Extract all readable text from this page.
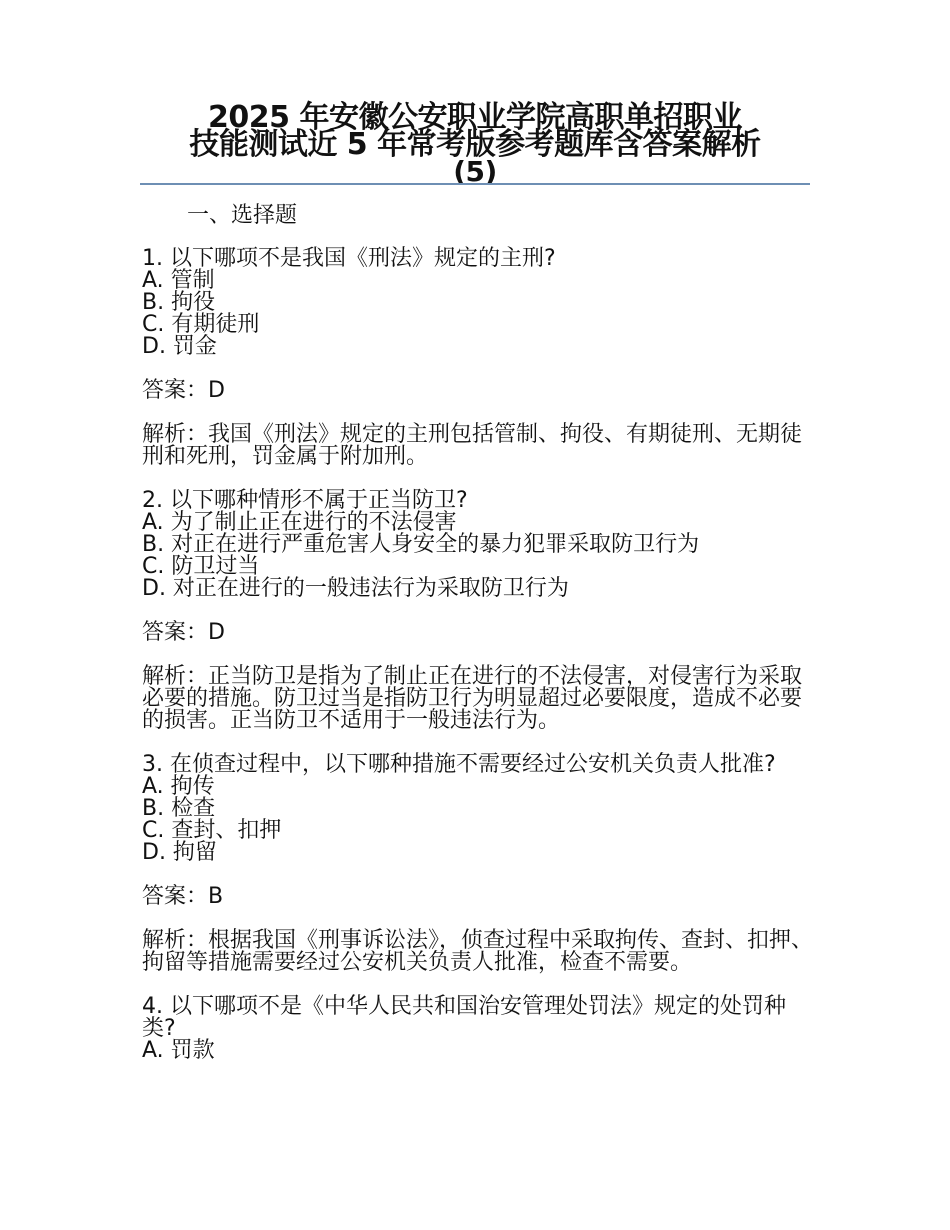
2025 年安徽公安职业学院高职单招职业
技能测试近 5 年常考版参考题库含答案解析
(5)
一、选择题
1. 以下哪项不是我国《刑法》规定的主刑?
A. 管制
B. 拘役
C. 有期徒刑
D. 罚金
答案：D
解析：我国《刑法》规定的主刑包括管制、拘役、有期徒刑、无期徒刑和死刑，罚金属于附加刑。
2. 以下哪种情形不属于正当防卫?
A. 为了制止正在进行的不法侵害
B. 对正在进行严重危害人身安全的暴力犯罪采取防卫行为
C. 防卫过当
D. 对正在进行的一般违法行为采取防卫行为
答案：D
解析：正当防卫是指为了制止正在进行的不法侵害，对侵害行为采取必要的措施。防卫过当是指防卫行为明显超过必要限度，造成不必要的损害。正当防卫不适用于一般违法行为。
3. 在侦查过程中，以下哪种措施不需要经过公安机关负责人批准?
A. 拘传
B. 检查
C. 查封、扣押
D. 拘留
答案：B
解析：根据我国《刑事诉讼法》，侦查过程中采取拘传、查封、扣押、拘留等措施需要经过公安机关负责人批准，检查不需要。
4. 以下哪项不是《中华人民共和国治安管理处罚法》规定的处罚种类?
A. 罚款
